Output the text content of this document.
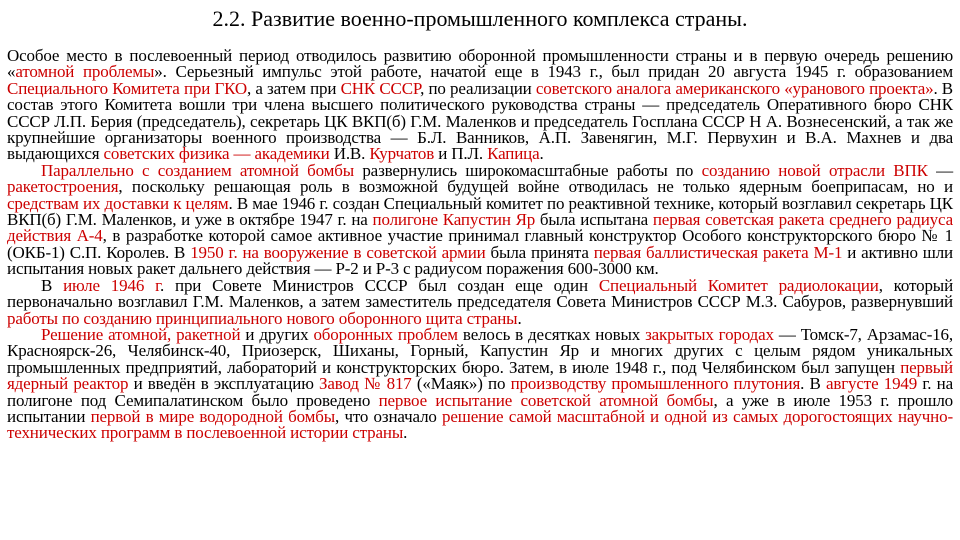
2.2. Развитие военно-промышленного комплекса страны.

Особое место в послевоенный период отводилось развитию оборонной промышленности страны и в первую очередь решению «атомной проблемы». Серьезный импульс этой работе, начатой еще в 1943 г., был придан 20 августа 1945 г. образованием Специального Комитета при ГКО, а затем при СНК СССР, по реализации советского аналога американского «уранового проекта». В состав этого Комитета вошли три члена высшего политического руководства страны — председатель Оперативного бюро СНК СССР Л.П. Берия (председатель), секретарь ЦК ВКП(б) Г.М. Маленков и председатель Госплана СССР Н А. Вознесенский, а так же крупнейшие организаторы военного производства — Б.Л. Ванников, А.П. Завенягин, М.Г. Первухин и В.А. Махнев и два выдающихся советских физика — академики И.В. Курчатов и П.Л. Капица.

Параллельно с созданием атомной бомбы развернулись широкомасштабные работы по созданию новой отрасли ВПК — ракетостроения, поскольку решающая роль в возможной будущей войне отводилась не только ядерным боеприпасам, но и средствам их доставки к целям. В мае 1946 г. создан Специальный комитет по реактивной технике, который возглавил секретарь ЦК ВКП(б) Г.М. Маленков, и уже в октябре 1947 г. на полигоне Капустин Яр была испытана первая советская ракета среднего радиуса действия А-4, в разработке которой самое активное участие принимал главный конструктор Особого конструкторского бюро № 1 (ОКБ-1) С.П. Королев. В 1950 г. на вооружение в советской армии была принята первая баллистическая ракета М-1 и активно шли испытания новых ракет дальнего действия — Р-2 и Р-3 с радиусом поражения 600-3000 км.

В июле 1946 г. при Совете Министров СССР был создан еще один Специальный Комитет радиолокации, который первоначально возглавил Г.М. Маленков, а затем заместитель председателя Совета Министров СССР М.З. Сабуров, развернувший работы по созданию принципиального нового оборонного щита страны.

Решение атомной, ракетной и других оборонных проблем велось в десятках новых закрытых городах — Томск-7, Арзамас-16, Красноярск-26, Челябинск-40, Приозерск, Шиханы, Горный, Капустин Яр и многих других с целым рядом уникальных промышленных предприятий, лабораторий и конструкторских бюро. Затем, в июле 1948 г., под Челябинском был запущен первый ядерный реактор и введён в эксплуатацию Завод № 817 («Маяк») по производству промышленного плутония. В августе 1949 г. на полигоне под Семипалатинском было проведено первое испытание советской атомной бомбы, а уже в июле 1953 г. прошло испытании первой в мире водородной бомбы, что означало решение самой масштабной и одной из самых дорогостоящих научно-технических программ в послевоенной истории страны.
